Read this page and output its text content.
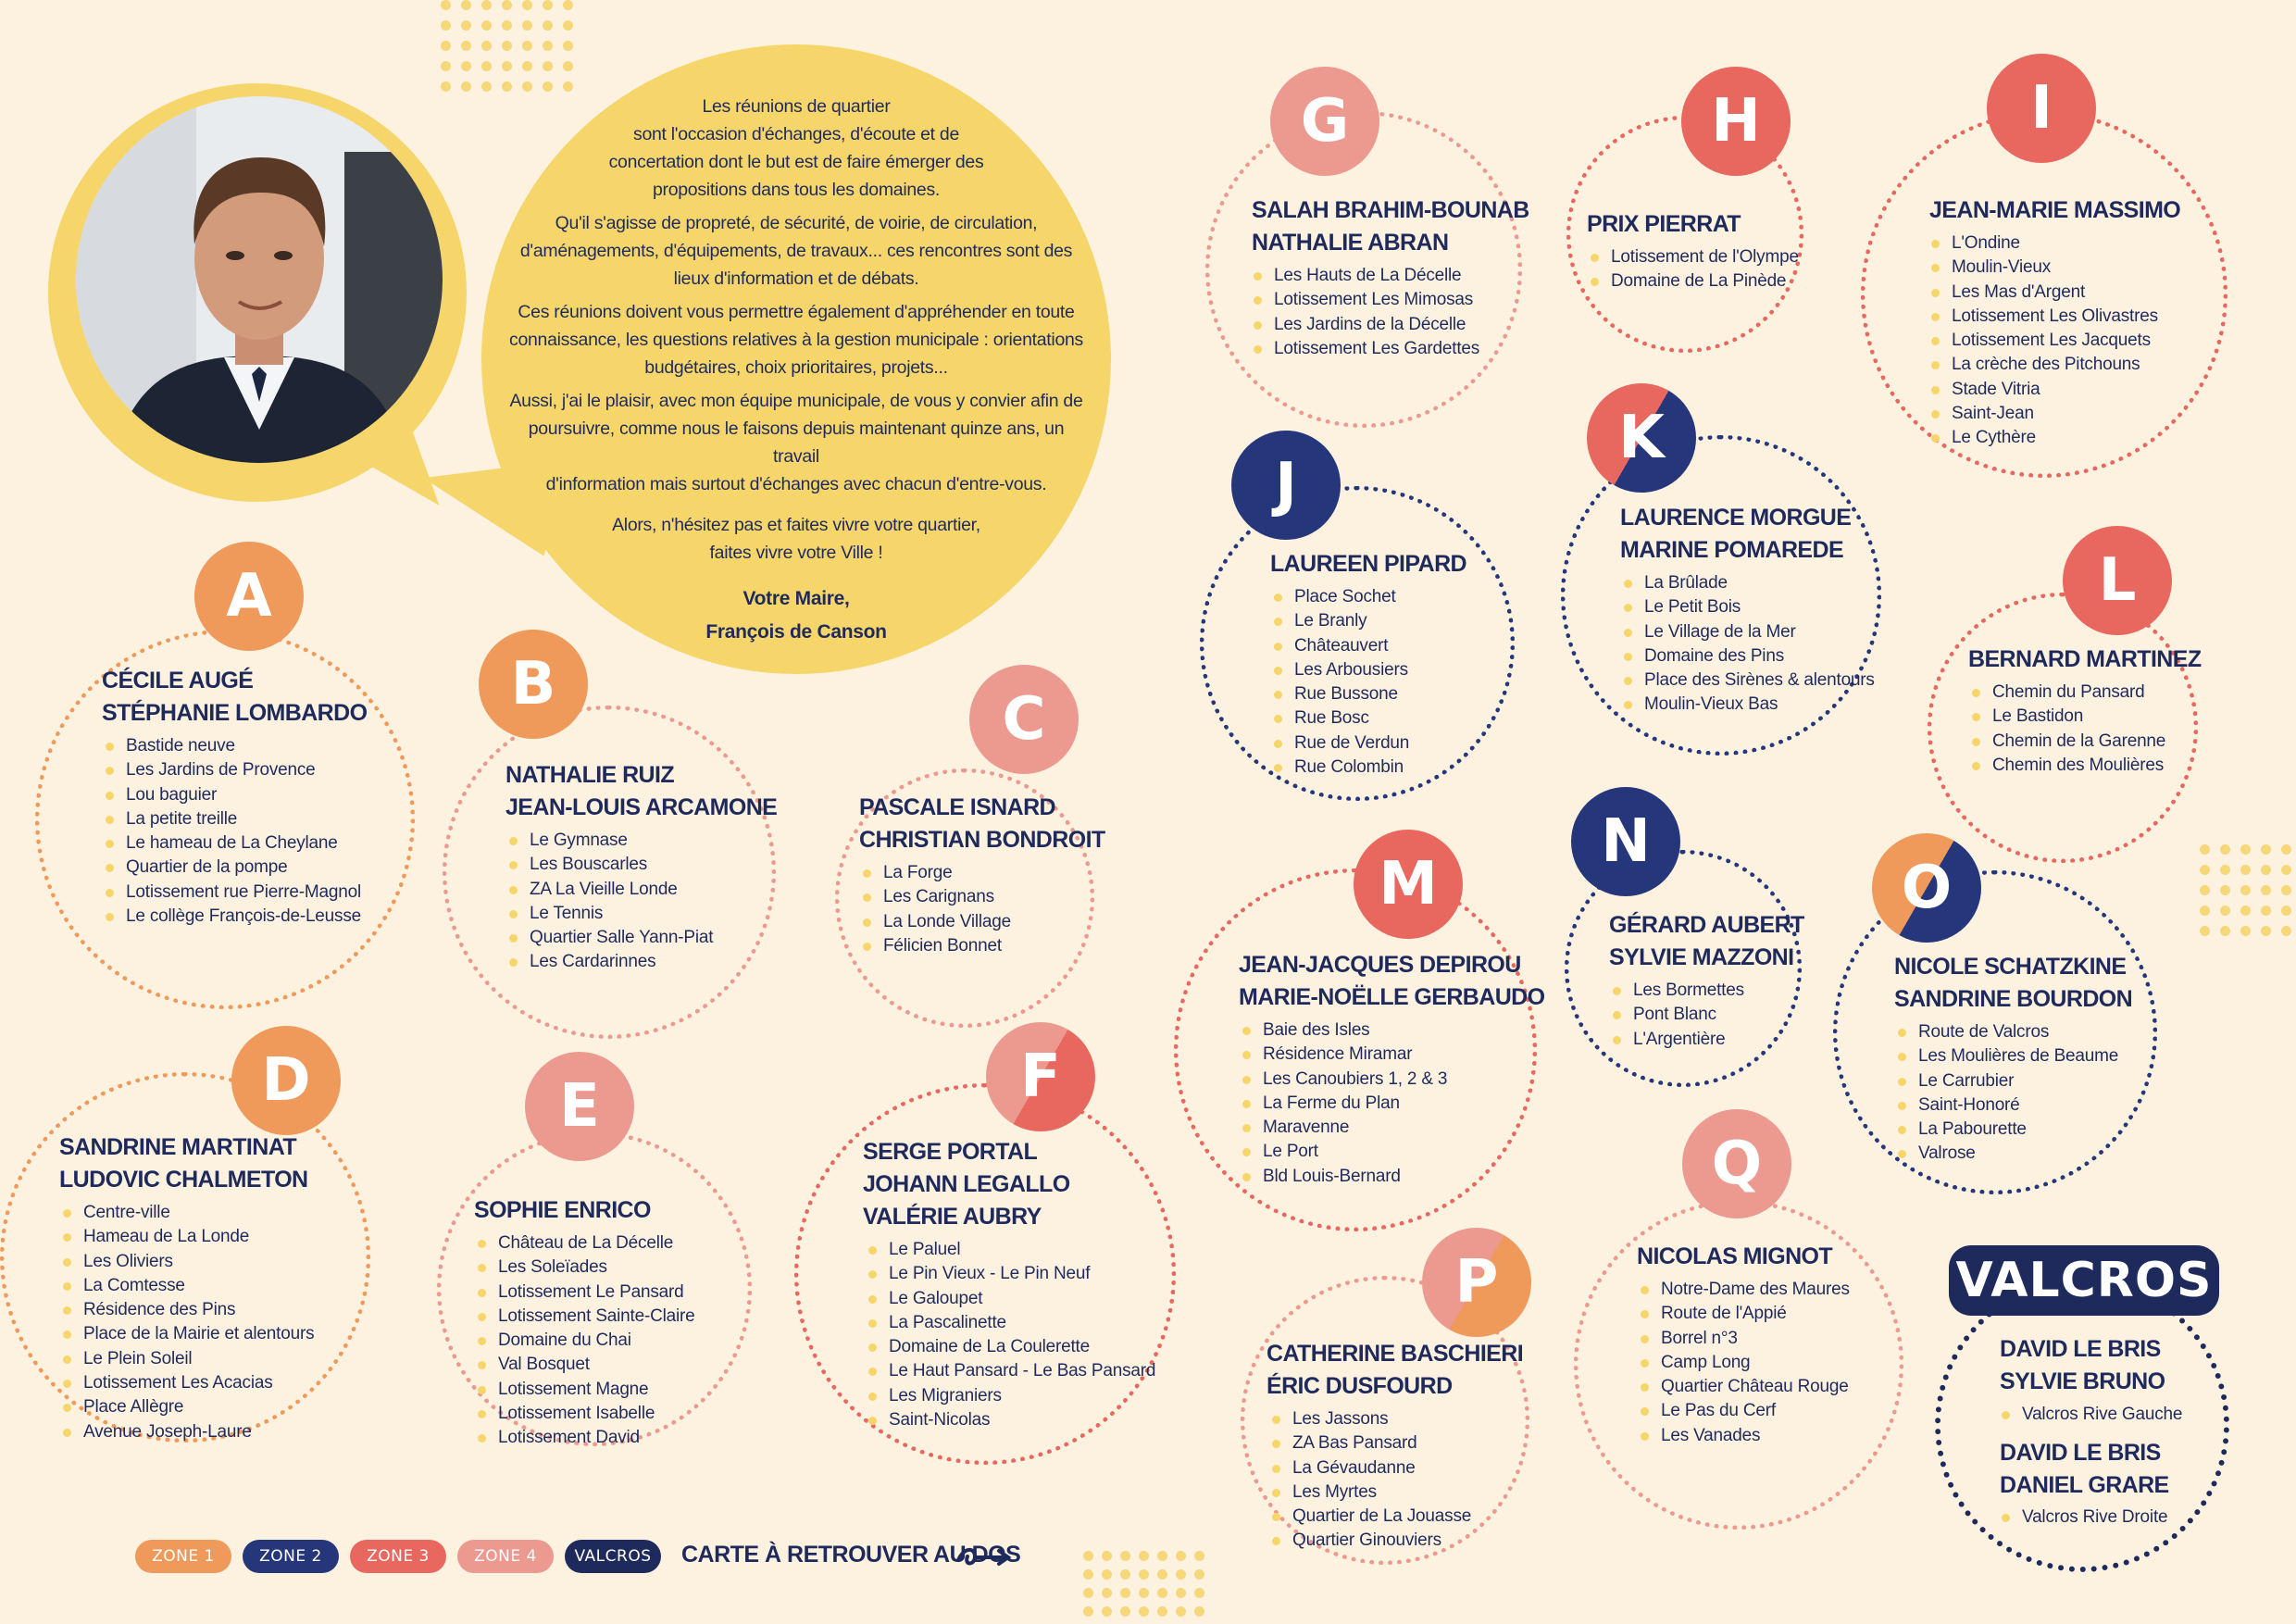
Les réunions de quartier
sont l'occasion d'échanges, d'écoute et de
concertation dont le but est de faire émerger des
propositions dans tous les domaines.

Qu'il s'agisse de propreté, de sécurité, de voirie, de circulation,
d'aménagements, d'équipements, de travaux... ces rencontres sont des
lieux d'information et de débats.

Ces réunions doivent vous permettre également d'appréhender en toute
connaissance, les questions relatives à la gestion municipale : orientations
budgétaires, choix prioritaires, projets...

Aussi, j'ai le plaisir, avec mon équipe municipale, de vous y convier afin de
poursuivre, comme nous le faisons depuis maintenant quinze ans, un travail
d'information mais surtout d'échanges avec chacun d'entre-vous.

Alors, n'hésitez pas et faites vivre votre quartier,
faites vivre votre Ville !

Votre Maire,

François de Canson

A
CÉCILE AUGÉ
STÉPHANIE LOMBARDO
Bastide neuve
Les Jardins de Provence
Lou baguier
La petite treille
Le hameau de La Cheylane
Quartier de la pompe
Lotissement rue Pierre-Magnol
Le collège François-de-Leusse
B
NATHALIE RUIZ
JEAN-LOUIS ARCAMONE
Le Gymnase
Les Bouscarles
ZA La Vieille Londe
Le Tennis
Quartier Salle Yann-Piat
Les Cardarinnes
C
PASCALE ISNARD
CHRISTIAN BONDROIT
La Forge
Les Carignans
La Londe Village
Félicien Bonnet
D
SANDRINE MARTINAT
LUDOVIC CHALMETON
Centre-ville
Hameau de La Londe
Les Oliviers
La Comtesse
Résidence des Pins
Place de la Mairie et alentours
Le Plein Soleil
Lotissement Les Acacias
Place Allègre
Avenue Joseph-Laure
E
SOPHIE ENRICO
Château de La Décelle
Les Soleïades
Lotissement Le Pansard
Lotissement Sainte-Claire
Domaine du Chai
Val Bosquet
Lotissement Magne
Lotissement Isabelle
Lotissement David
F
SERGE PORTAL
JOHANN LEGALLO
VALÉRIE AUBRY
Le Paluel
Le Pin Vieux - Le Pin Neuf
Le Galoupet
La Pascalinette
Domaine de La Coulerette
Le Haut Pansard - Le Bas Pansard
Les Migraniers
Saint-Nicolas
G
SALAH BRAHIM-BOUNAB
NATHALIE ABRAN
Les Hauts de La Décelle
Lotissement Les Mimosas
Les Jardins de la Décelle
Lotissement Les Gardettes
H
PRIX PIERRAT
Lotissement de l'Olympe
Domaine de La Pinède
I
JEAN-MARIE MASSIMO
L'Ondine
Moulin-Vieux
Les Mas d'Argent
Lotissement Les Olivastres
Lotissement Les Jacquets
La crèche des Pitchouns
Stade Vitria
Saint-Jean
Le Cythère
J
LAUREEN PIPARD
Place Sochet
Le Branly
Châteauvert
Les Arbousiers
Rue Bussone
Rue Bosc
Rue de Verdun
Rue Colombin
K
LAURENCE MORGUE
MARINE POMAREDE
La Brûlade
Le Petit Bois
Le Village de la Mer
Domaine des Pins
Place des Sirènes & alentours
Moulin-Vieux Bas
L
BERNARD MARTINEZ
Chemin du Pansard
Le Bastidon
Chemin de la Garenne
Chemin des Moulières
M
JEAN-JACQUES DEPIROU
MARIE-NOËLLE GERBAUDO
Baie des Isles
Résidence Miramar
Les Canoubiers 1, 2 & 3
La Ferme du Plan
Maravenne
Le Port
Bld Louis-Bernard
N
GÉRARD AUBERT
SYLVIE MAZZONI
Les Bormettes
Pont Blanc
L'Argentière
O
NICOLE SCHATZKINE
SANDRINE BOURDON
Route de Valcros
Les Moulières de Beaume
Le Carrubier
Saint-Honoré
La Pabourette
Valrose
P
CATHERINE BASCHIERI
ÉRIC DUSFOURD
Les Jassons
ZA Bas Pansard
La Gévaudanne
Les Myrtes
Quartier de La Jouasse
Quartier Ginouviers
Q
NICOLAS MIGNOT
Notre-Dame des Maures
Route de l'Appié
Borrel n°3
Camp Long
Quartier Château Rouge
Le Pas du Cerf
Les Vanades
VALCROS
DAVID LE BRIS
SYLVIE BRUNO
Valcros Rive Gauche
DAVID LE BRIS
DANIEL GRARE
Valcros Rive Droite
ZONE 1	ZONE 2	ZONE 3	ZONE 4	VALCROS	CARTE À RETROUVER AU DOS
